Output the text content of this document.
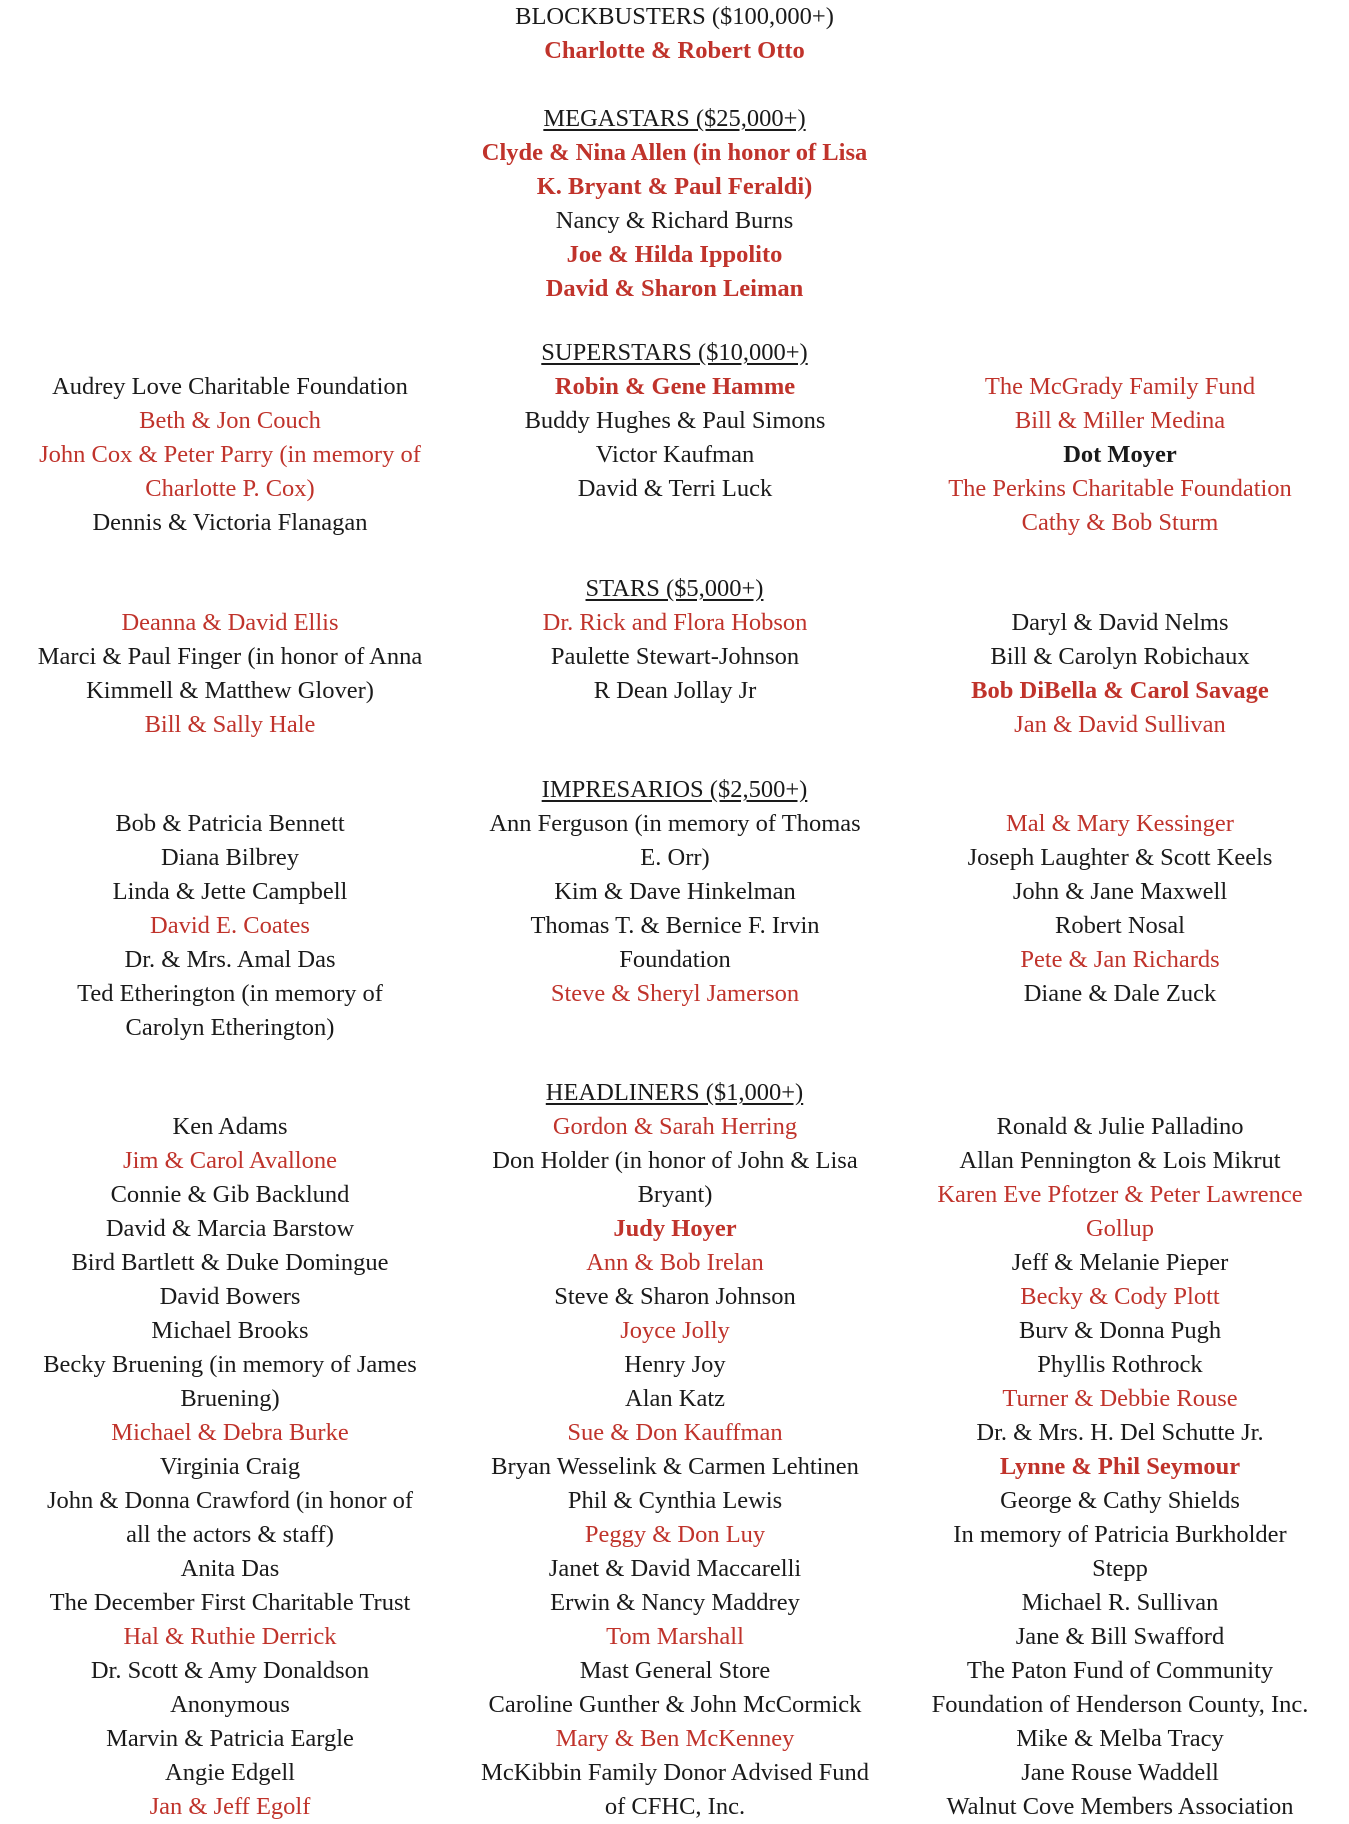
BLOCKBUSTERS ($100,000+)
Charlotte & Robert Otto
MEGASTARS ($25,000+)
Clyde & Nina Allen (in honor of Lisa
K. Bryant & Paul Feraldi)
Nancy & Richard Burns
Joe & Hilda Ippolito
David & Sharon Leiman
SUPERSTARS ($10,000+)
Audrey Love Charitable Foundation
Beth & Jon Couch
John Cox & Peter Parry (in memory of
Charlotte P. Cox)
Dennis & Victoria Flanagan
Robin & Gene Hamme
Buddy Hughes & Paul Simons
Victor Kaufman
David & Terri Luck
The McGrady Family Fund
Bill & Miller Medina
Dot Moyer
The Perkins Charitable Foundation
Cathy & Bob Sturm
STARS ($5,000+)
Deanna & David Ellis
Marci & Paul Finger (in honor of Anna
Kimmell & Matthew Glover)
Bill & Sally Hale
Dr. Rick and Flora Hobson
Paulette Stewart-Johnson
R Dean Jollay Jr
Daryl & David Nelms
Bill & Carolyn Robichaux
Bob DiBella & Carol Savage
Jan & David Sullivan
IMPRESARIOS ($2,500+)
Bob & Patricia Bennett
Diana Bilbrey
Linda & Jette Campbell
David E. Coates
Dr. & Mrs. Amal Das
Ted Etherington (in memory of
Carolyn Etherington)
Ann Ferguson (in memory of Thomas
E. Orr)
Kim & Dave Hinkelman
Thomas T. & Bernice F. Irvin
Foundation
Steve & Sheryl Jamerson
Mal & Mary Kessinger
Joseph Laughter & Scott Keels
John & Jane Maxwell
Robert Nosal
Pete & Jan Richards
Diane & Dale Zuck
HEADLINERS ($1,000+)
Ken Adams
Jim & Carol Avallone
Connie & Gib Backlund
David & Marcia Barstow
Bird Bartlett & Duke Domingue
David Bowers
Michael Brooks
Becky Bruening (in memory of James
Bruening)
Michael & Debra Burke
Virginia Craig
John & Donna Crawford (in honor of
all the actors & staff)
Anita Das
The December First Charitable Trust
Hal & Ruthie Derrick
Dr. Scott & Amy Donaldson
Anonymous
Marvin & Patricia Eargle
Angie Edgell
Jan & Jeff Egolf
Gordon & Sarah Herring
Don Holder (in honor of John & Lisa
Bryant)
Judy Hoyer
Ann & Bob Irelan
Steve & Sharon Johnson
Joyce Jolly
Henry Joy
Alan Katz
Sue & Don Kauffman
Bryan Wesselink & Carmen Lehtinen
Phil & Cynthia Lewis
Peggy & Don Luy
Janet & David Maccarelli
Erwin & Nancy Maddrey
Tom Marshall
Mast General Store
Caroline Gunther & John McCormick
Mary & Ben McKenney
McKibbin Family Donor Advised Fund
of CFHC, Inc.
Ronald & Julie Palladino
Allan Pennington & Lois Mikrut
Karen Eve Pfotzer & Peter Lawrence
Gollup
Jeff & Melanie Pieper
Becky & Cody Plott
Burv & Donna Pugh
Phyllis Rothrock
Turner & Debbie Rouse
Dr. & Mrs. H. Del Schutte Jr.
Lynne & Phil Seymour
George & Cathy Shields
In memory of Patricia Burkholder
Stepp
Michael R. Sullivan
Jane & Bill Swafford
The Paton Fund of Community
Foundation of Henderson County, Inc.
Mike & Melba Tracy
Jane Rouse Waddell
Walnut Cove Members Association
